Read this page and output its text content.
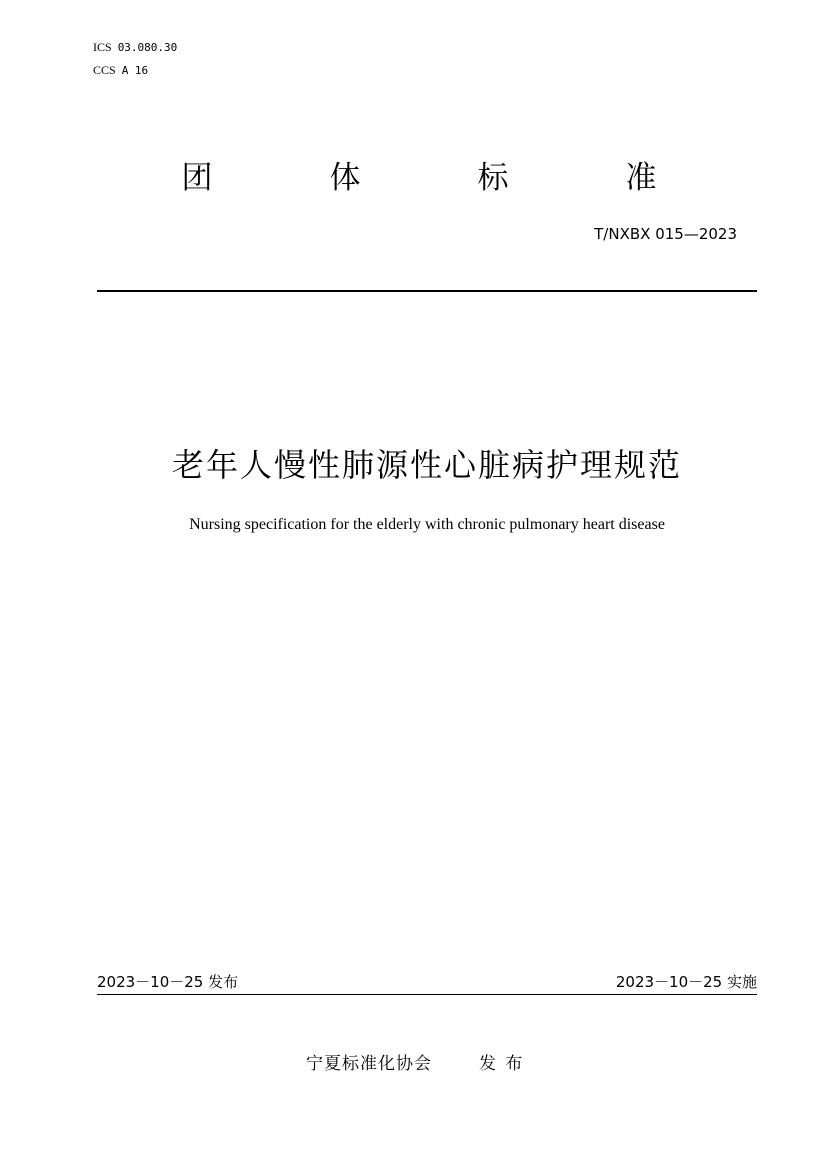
ICS 03.080.30
CCS A 16
团	体	标	准
T/NXBX 015—2023
老年人慢性肺源性心脏病护理规范
Nursing specification for the elderly with chronic pulmonary heart disease
2023－10－25 发布	2023－10－25 实施
宁夏标准化协会	发 布
